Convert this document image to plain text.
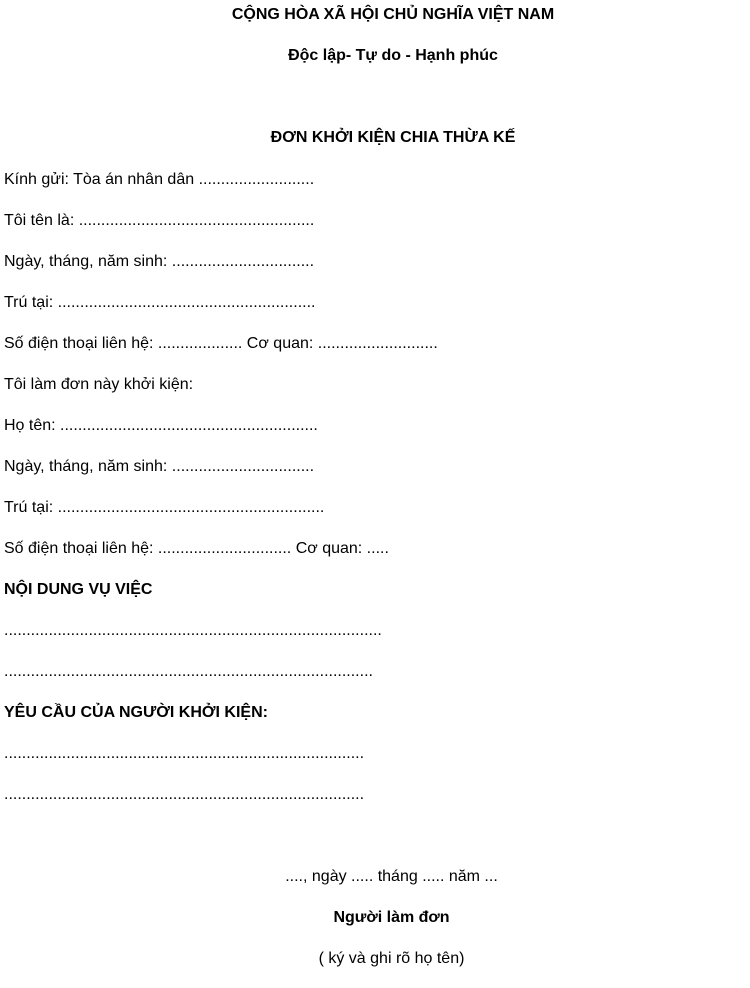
CỘNG HÒA XÃ HỘI CHỦ NGHĨA VIỆT NAM
Độc lập- Tự do - Hạnh phúc
ĐƠN KHỞI KIỆN CHIA THỪA KẾ
Kính gửi: Tòa án nhân dân ..........................
Tôi tên là: .....................................................
Ngày, tháng, năm sinh: ................................
Trú tại: ..........................................................
Số điện thoại liên hệ: ................... Cơ quan: ...........................
Tôi làm đơn này khởi kiện:
Họ tên: ..........................................................
Ngày, tháng, năm sinh: ................................
Trú tại: ............................................................
Số điện thoại liên hệ: .............................. Cơ quan: .....
NỘI DUNG VỤ VIỆC
.....................................................................................
...................................................................................
YÊU CẦU CỦA NGƯỜI KHỞI KIỆN:
.................................................................................
.................................................................................
...., ngày ..... tháng ..... năm ...
Người làm đơn
( ký và ghi rõ họ tên)
